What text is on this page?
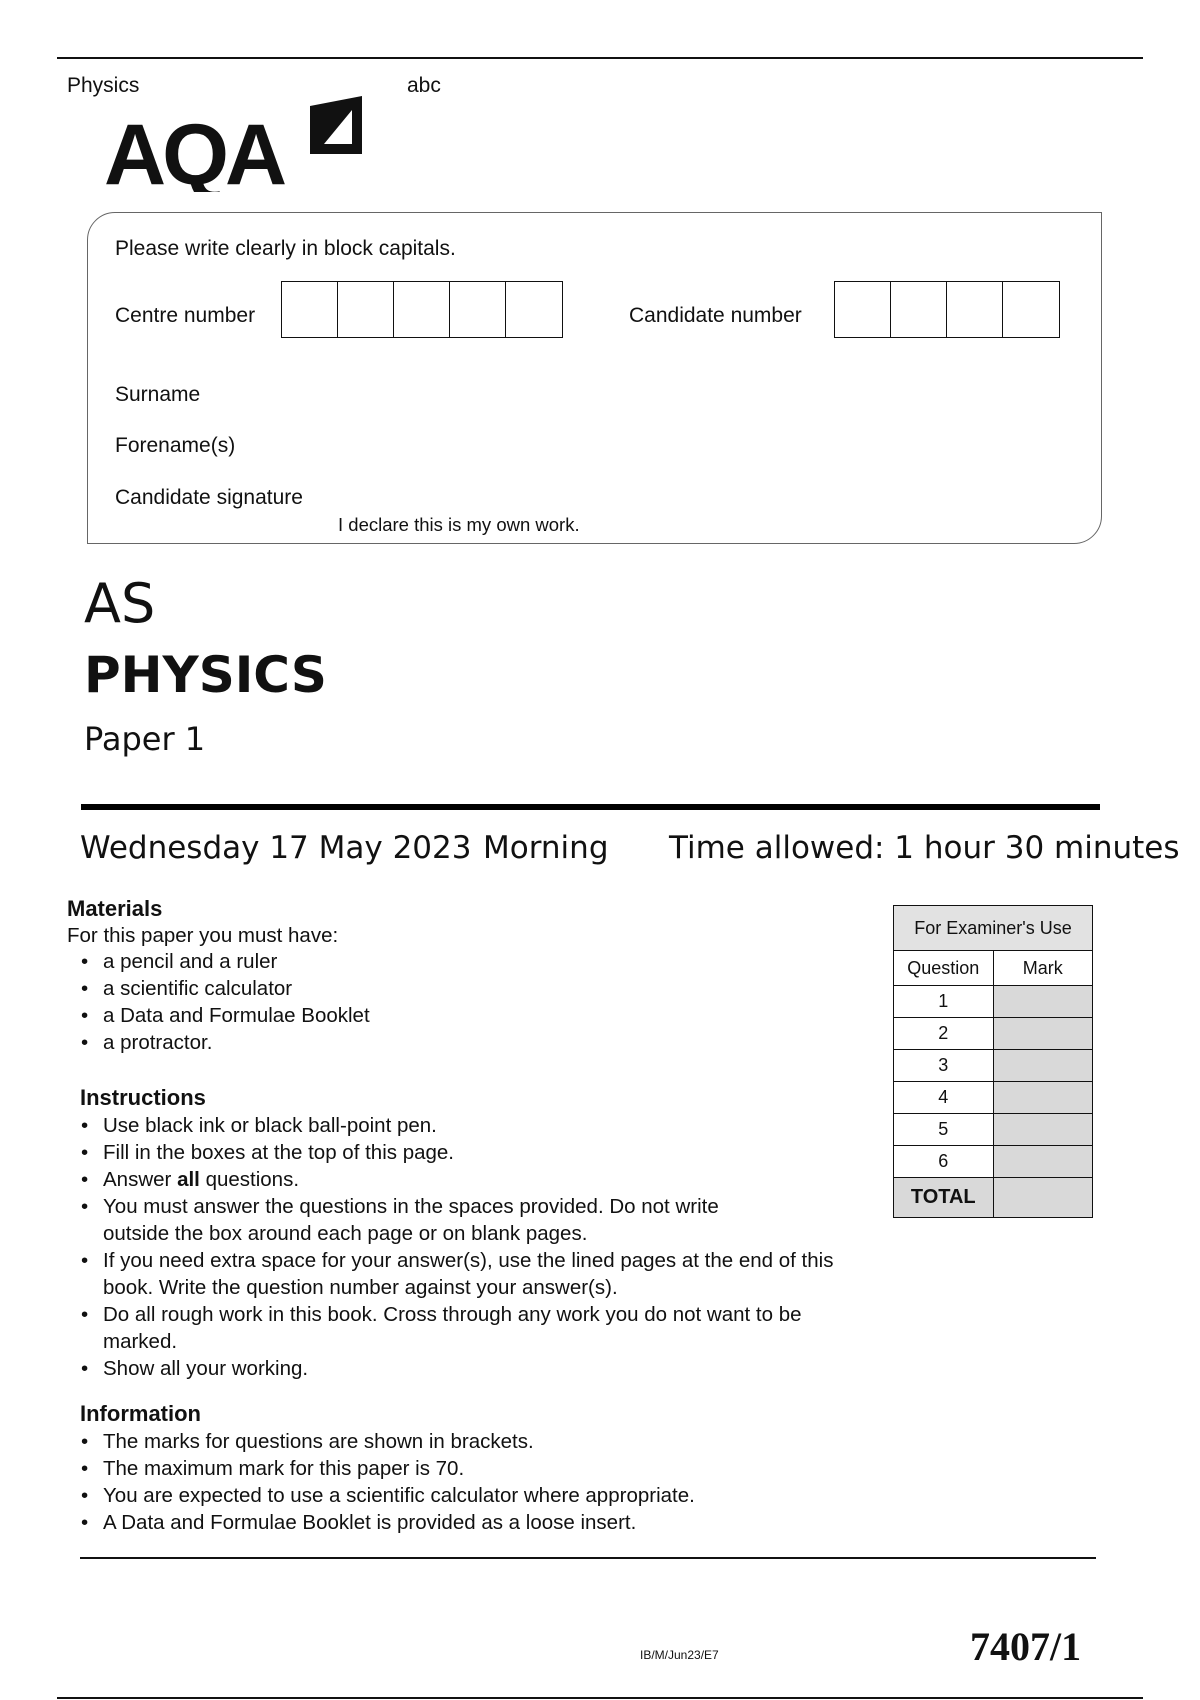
Physics	abc
AQA
Please write clearly in block capitals.
Centre number	Candidate number
Surname
Forename(s)
Candidate signature
I declare this is my own work.
AS
PHYSICS
Paper 1
Wednesday 17 May 2023 Morning Time allowed: 1 hour 30 minutes
Materials
For this paper you must have:
• a pencil and a ruler
• a scientific calculator
• a Data and Formulae Booklet
• a protractor.
Instructions
• Use black ink or black ball-point pen.
• Fill in the boxes at the top of this page.
• Answer all questions.
• You must answer the questions in the spaces provided. Do not write outside the box around each page or on blank pages.
• If you need extra space for your answer(s), use the lined pages at the end of this book. Write the question number against your answer(s).
• Do all rough work in this book. Cross through any work you do not want to be marked.
• Show all your working.
Information
• The marks for questions are shown in brackets.
• The maximum mark for this paper is 70.
• You are expected to use a scientific calculator where appropriate.
• A Data and Formulae Booklet is provided as a loose insert.
For Examiner's Use	
Question	Mark
1	
2	
3	
4	
5	
6	
TOTAL	
IB/M/Jun23/E7	7407/1
